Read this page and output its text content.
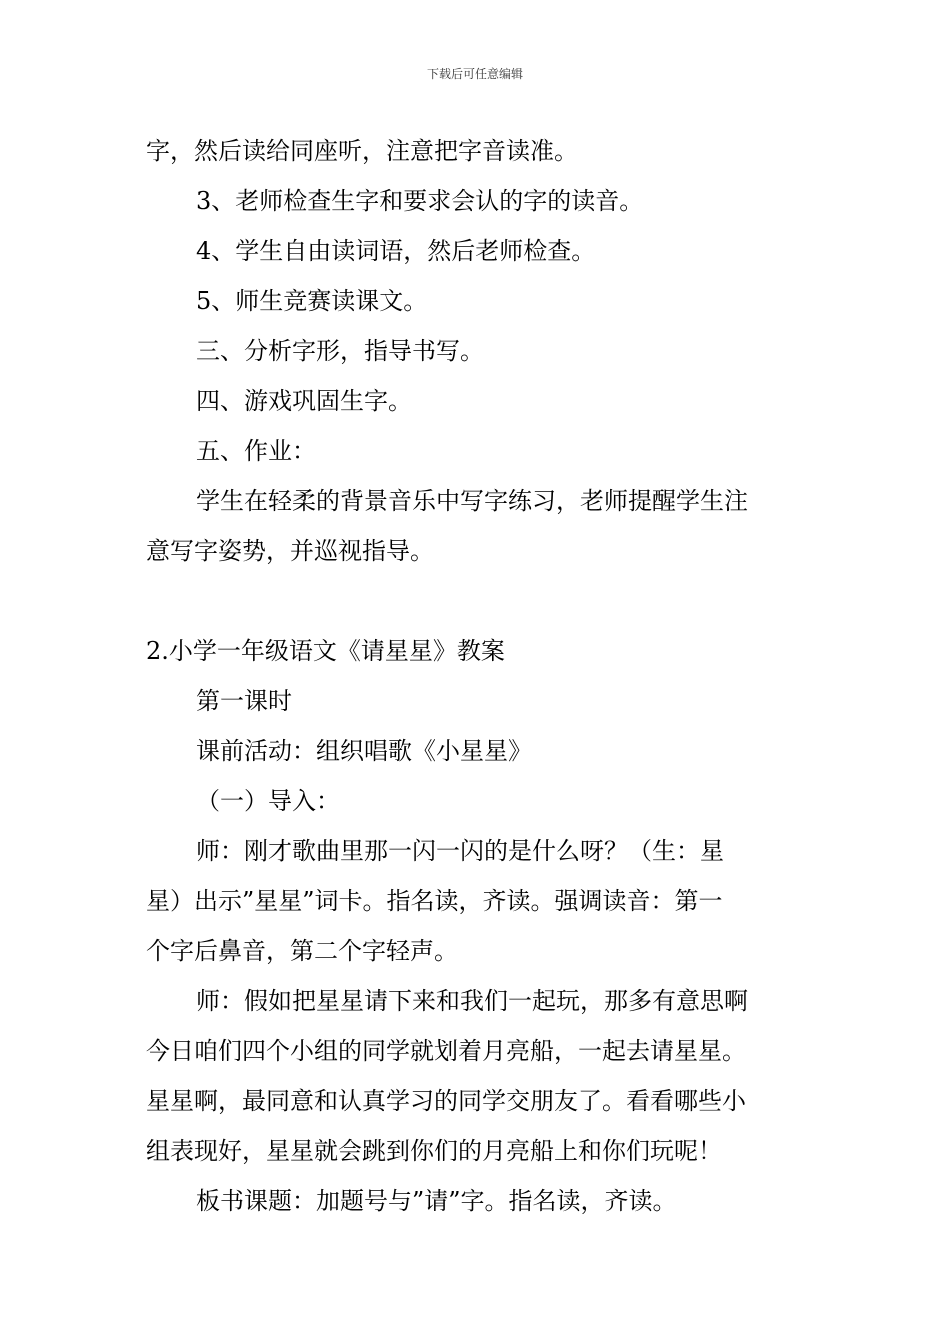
下载后可任意编辑

字，然后读给同座听，注意把字音读准。

3、老师检查生字和要求会认的字的读音。

4、学生自由读词语，然后老师检查。

5、师生竞赛读课文。

三、分析字形，指导书写。

四、游戏巩固生字。

五、作业：

学生在轻柔的背景音乐中写字练习，老师提醒学生注

意写字姿势，并巡视指导。

2.小学一年级语文《请星星》教案

第一课时

课前活动：组织唱歌《小星星》

（一）导入：

师：刚才歌曲里那一闪一闪的是什么呀？（生：星

星）出示”星星”词卡。指名读，齐读。强调读音：第一

个字后鼻音，第二个字轻声。

师：假如把星星请下来和我们一起玩，那多有意思啊

今日咱们四个小组的同学就划着月亮船，一起去请星星。

星星啊，最同意和认真学习的同学交朋友了。看看哪些小

组表现好，星星就会跳到你们的月亮船上和你们玩呢！

板书课题：加题号与”请”字。指名读，齐读。
